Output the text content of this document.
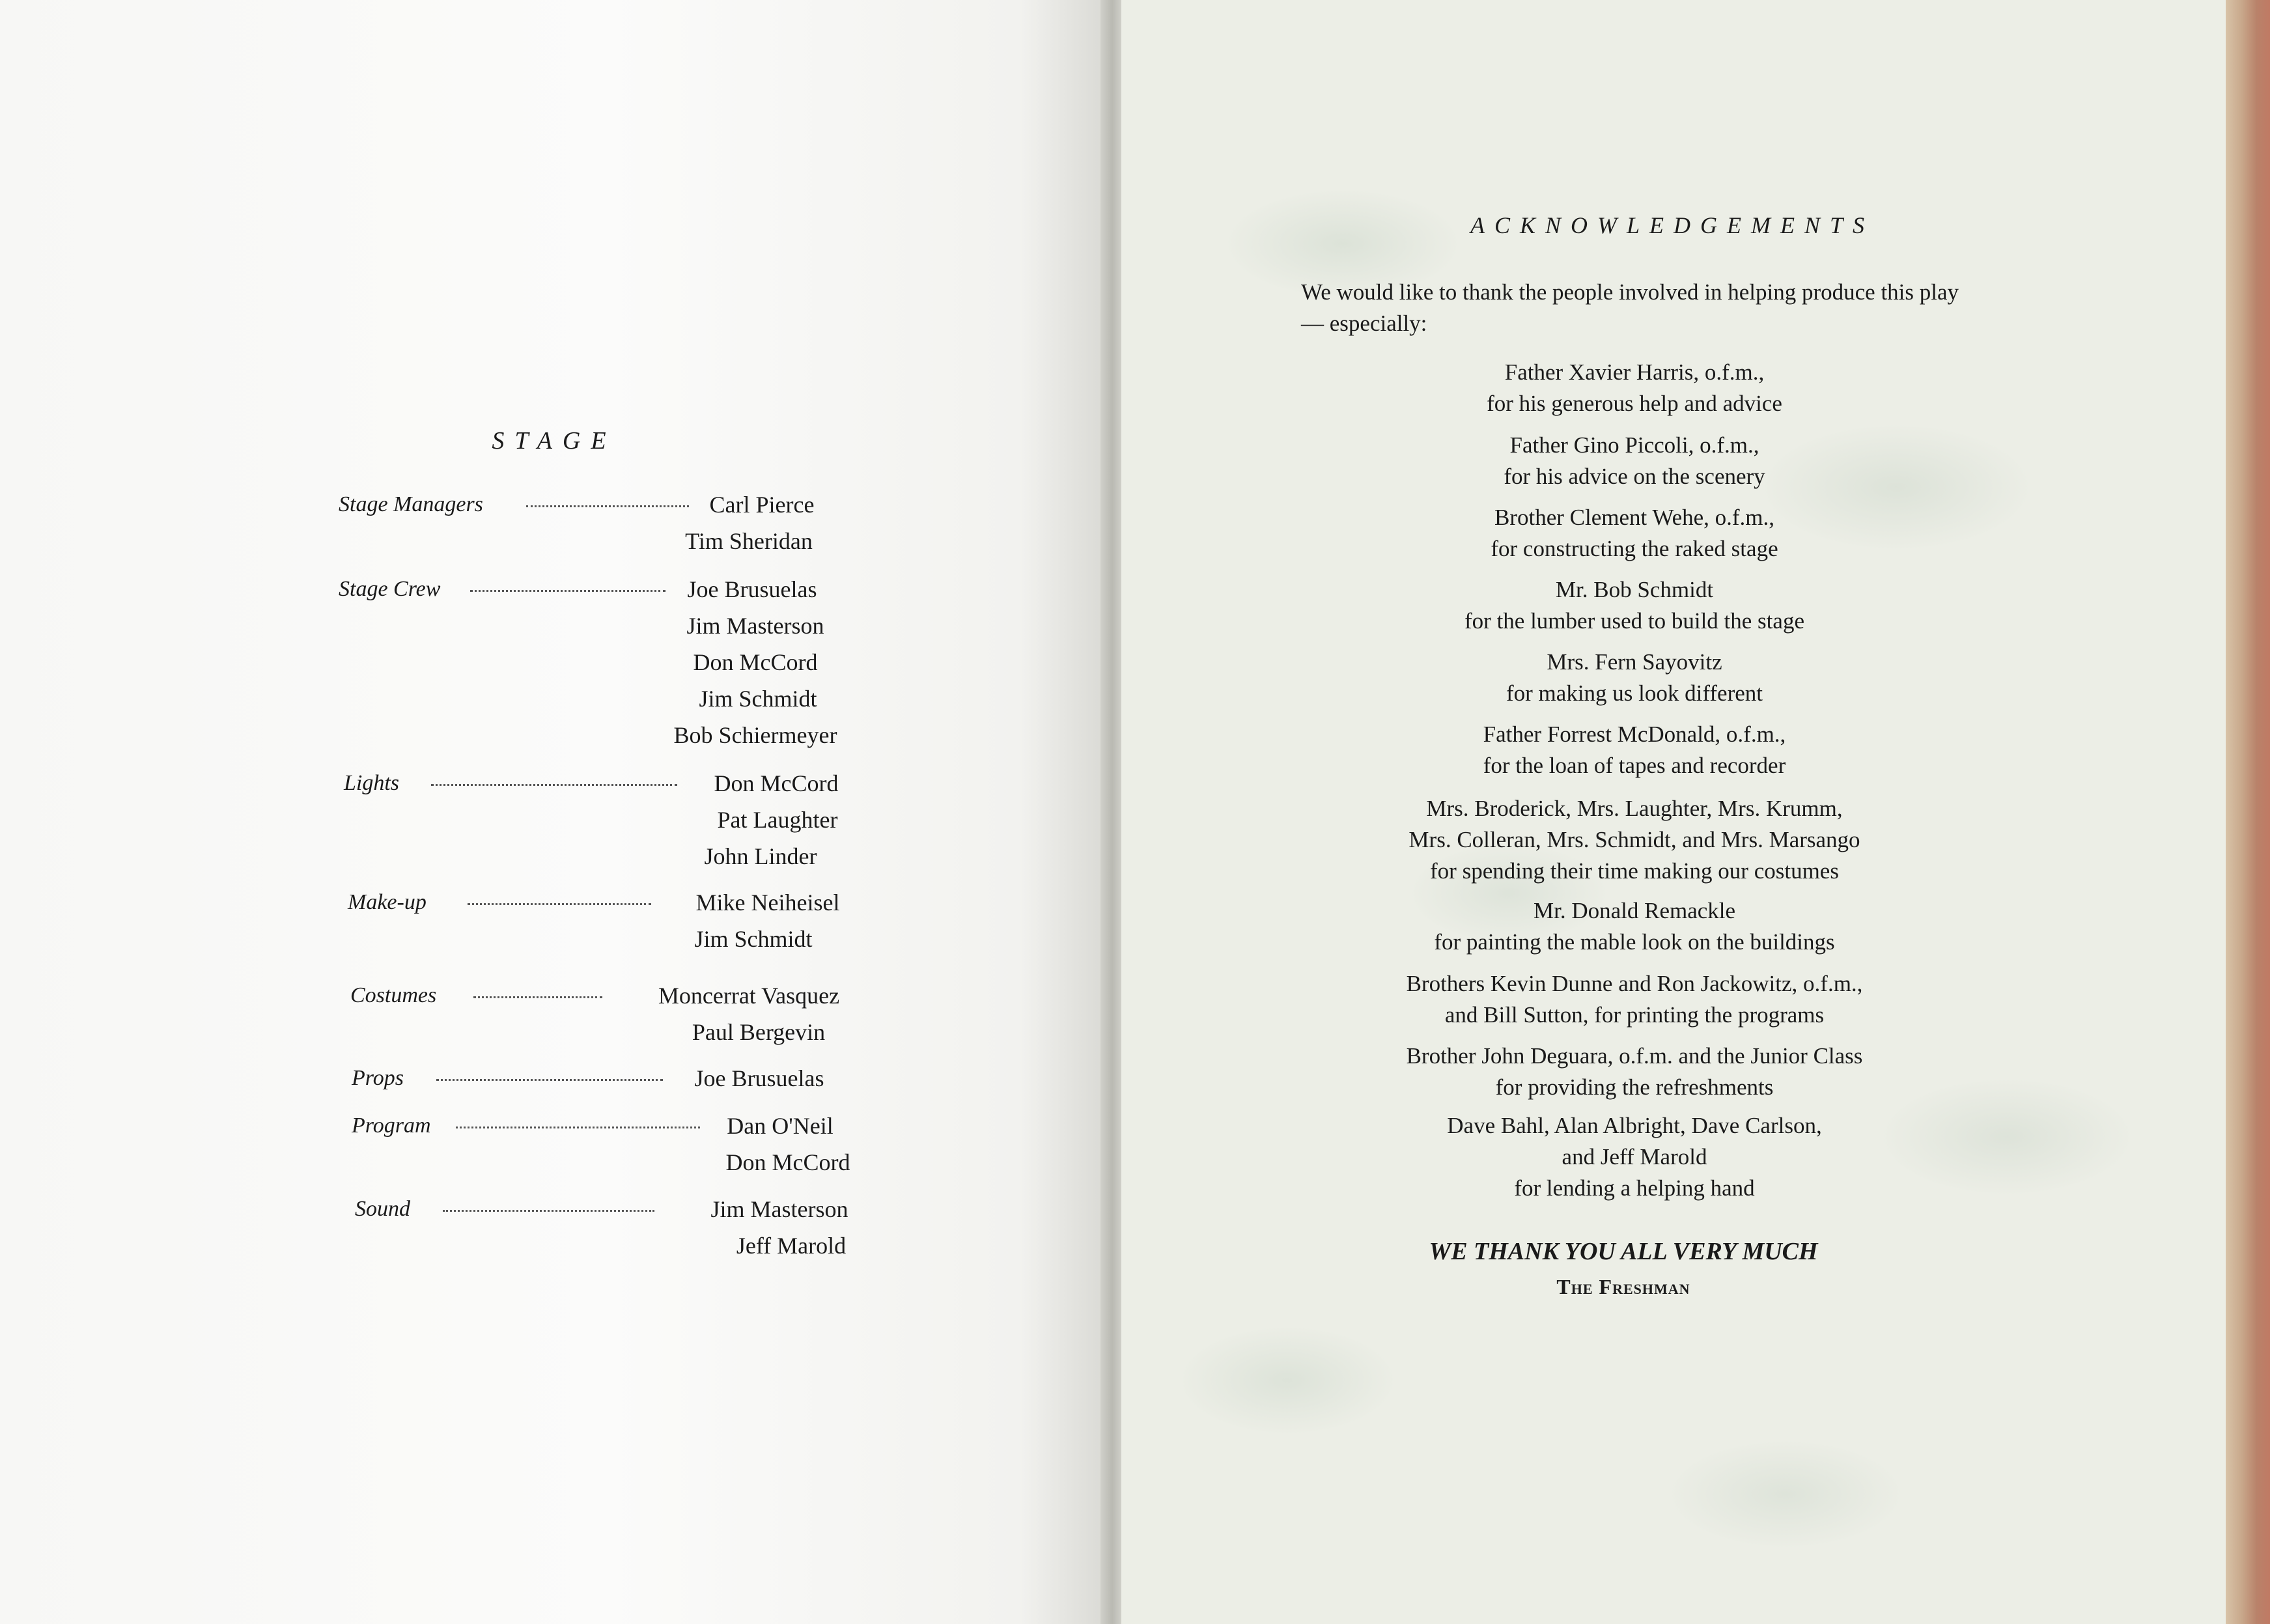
STAGE
Stage Managers	Carl Pierce
Tim Sheridan
Stage Crew	Joe Brusuelas
Jim Masterson
Don McCord
Jim Schmidt
Bob Schiermeyer
Lights	Don McCord
Pat Laughter
John Linder
Make-up	Mike Neiheisel
Jim Schmidt
Costumes	Moncerrat Vasquez
Paul Bergevin
Props	Joe Brusuelas
Program	Dan O'Neil
Don McCord
Sound	Jim Masterson
Jeff Marold
ACKNOWLEDGEMENTS

We would like to thank the people involved in helping produce this play — especially:

Father Xavier Harris, o.f.m.,
for his generous help and advice
Father Gino Piccoli, o.f.m.,
for his advice on the scenery
Brother Clement Wehe, o.f.m.,
for constructing the raked stage
Mr. Bob Schmidt
for the lumber used to build the stage
Mrs. Fern Sayovitz
for making us look different
Father Forrest McDonald, o.f.m.,
for the loan of tapes and recorder
Mrs. Broderick, Mrs. Laughter, Mrs. Krumm,
Mrs. Colleran, Mrs. Schmidt, and Mrs. Marsango
for spending their time making our costumes
Mr. Donald Remackle
for painting the mable look on the buildings
Brothers Kevin Dunne and Ron Jackowitz, o.f.m.,
and Bill Sutton, for printing the programs
Brother John Deguara, o.f.m. and the Junior Class
for providing the refreshments
Dave Bahl, Alan Albright, Dave Carlson,
and Jeff Marold
for lending a helping hand
WE THANK YOU ALL VERY MUCH
The Freshman
